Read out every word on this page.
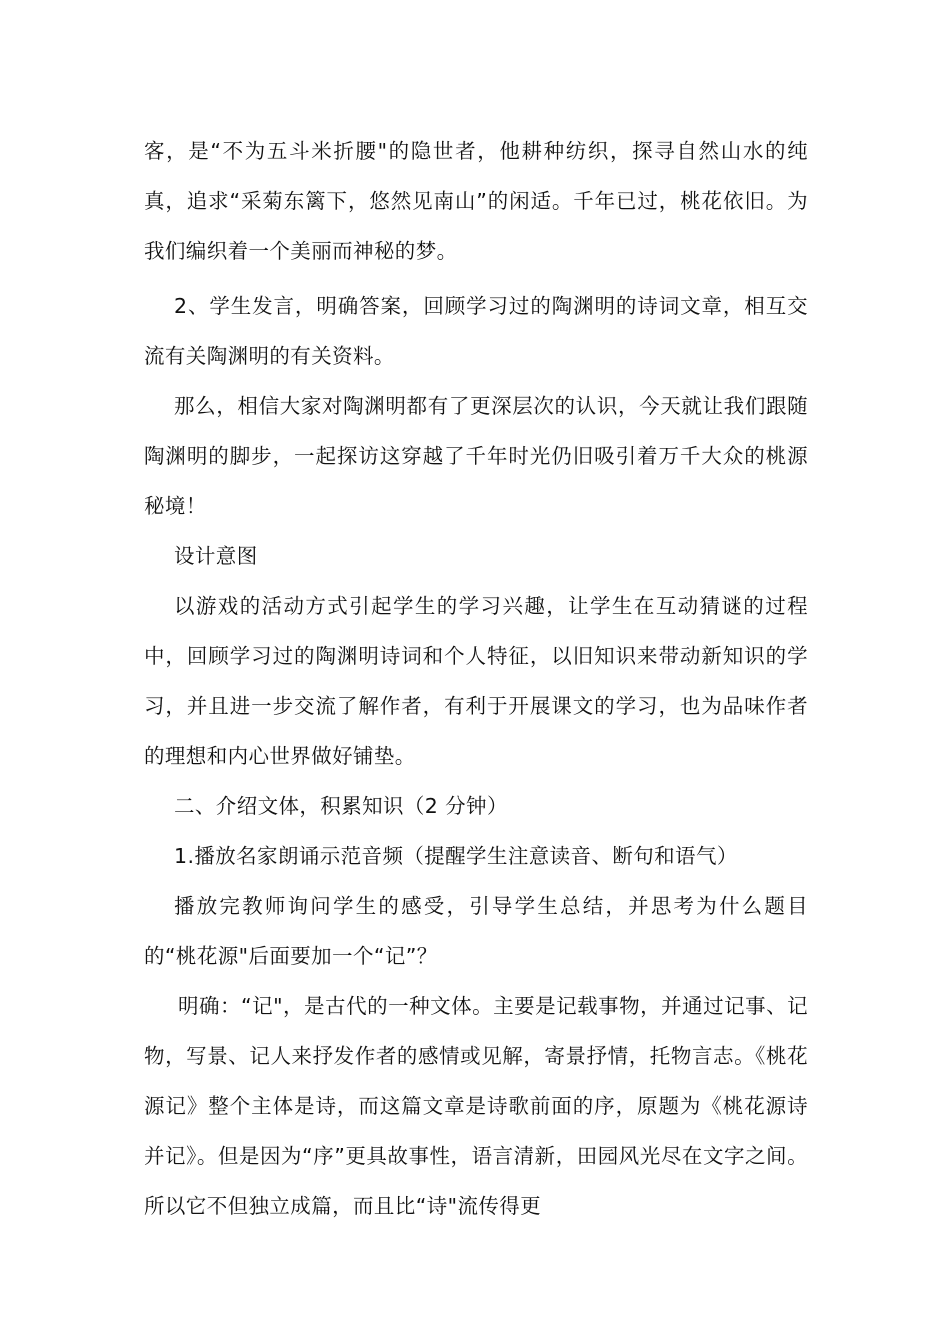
客，是“不为五斗米折腰"的隐世者，他耕种纺织，探寻自然山水的纯真，追求“采菊东篱下，悠然见南山”的闲适。千年已过，桃花依旧。为我们编织着一个美丽而神秘的梦。

2、学生发言，明确答案，回顾学习过的陶渊明的诗词文章，相互交流有关陶渊明的有关资料。

那么，相信大家对陶渊明都有了更深层次的认识，今天就让我们跟随陶渊明的脚步，一起探访这穿越了千年时光仍旧吸引着万千大众的桃源秘境！

设计意图

以游戏的活动方式引起学生的学习兴趣，让学生在互动猜谜的过程中，回顾学习过的陶渊明诗词和个人特征，以旧知识来带动新知识的学习，并且进一步交流了解作者，有利于开展课文的学习，也为品味作者的理想和内心世界做好铺垫。

二、介绍文体，积累知识（2 分钟）

1.播放名家朗诵示范音频（提醒学生注意读音、断句和语气）

播放完教师询问学生的感受，引导学生总结，并思考为什么题目的“桃花源"后面要加一个“记”？

明确：“记"，是古代的一种文体。主要是记载事物，并通过记事、记物，写景、记人来抒发作者的感情或见解，寄景抒情，托物言志。《桃花源记》整个主体是诗，而这篇文章是诗歌前面的序，原题为《桃花源诗并记》。但是因为“序”更具故事性，语言清新，田园风光尽在文字之间。所以它不但独立成篇，而且比“诗"流传得更
